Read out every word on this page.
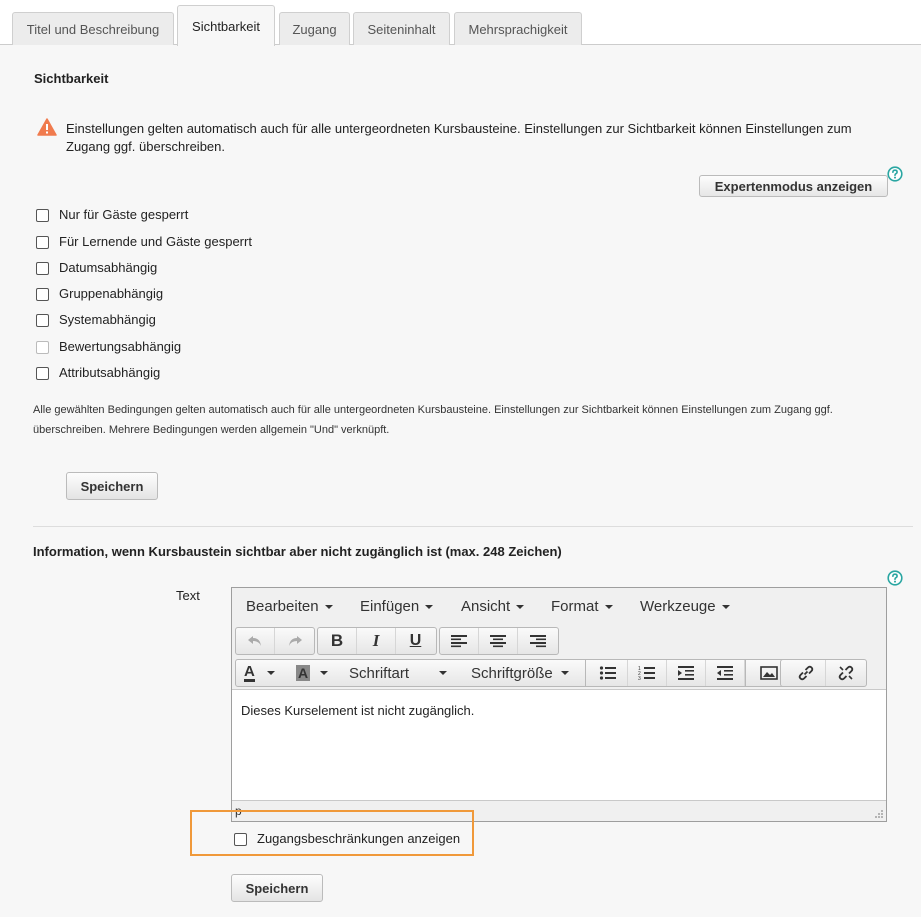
Titel und Beschreibung	Sichtbarkeit	Zugang	Seiteninhalt	Mehrsprachigkeit
Sichtbarkeit
Einstellungen gelten automatisch auch für alle untergeordneten Kursbausteine. Einstellungen zur Sichtbarkeit können Einstellungen zum
Zugang ggf. überschreiben.
Expertenmodus anzeigen
Nur für Gäste gesperrt
Für Lernende und Gäste gesperrt
Datumsabhängig
Gruppenabhängig
Systemabhängig
Bewertungsabhängig
Attributsabhängig
Alle gewählten Bedingungen gelten automatisch auch für alle untergeordneten Kursbausteine. Einstellungen zur Sichtbarkeit können Einstellungen zum Zugang ggf.
überschreiben. Mehrere Bedingungen werden allgemein "Und" verknüpft.
Speichern
Information, wenn Kursbaustein sichtbar aber nicht zugänglich ist (max. 248 Zeichen)
Text
Bearbeiten	Einfügen	Ansicht	Format	Werkzeuge
B	I	U
A	A	Schriftart	Schriftgröße	1
2
3
Dieses Kurselement ist nicht zugänglich.
p
Zugangsbeschränkungen anzeigen
Speichern
